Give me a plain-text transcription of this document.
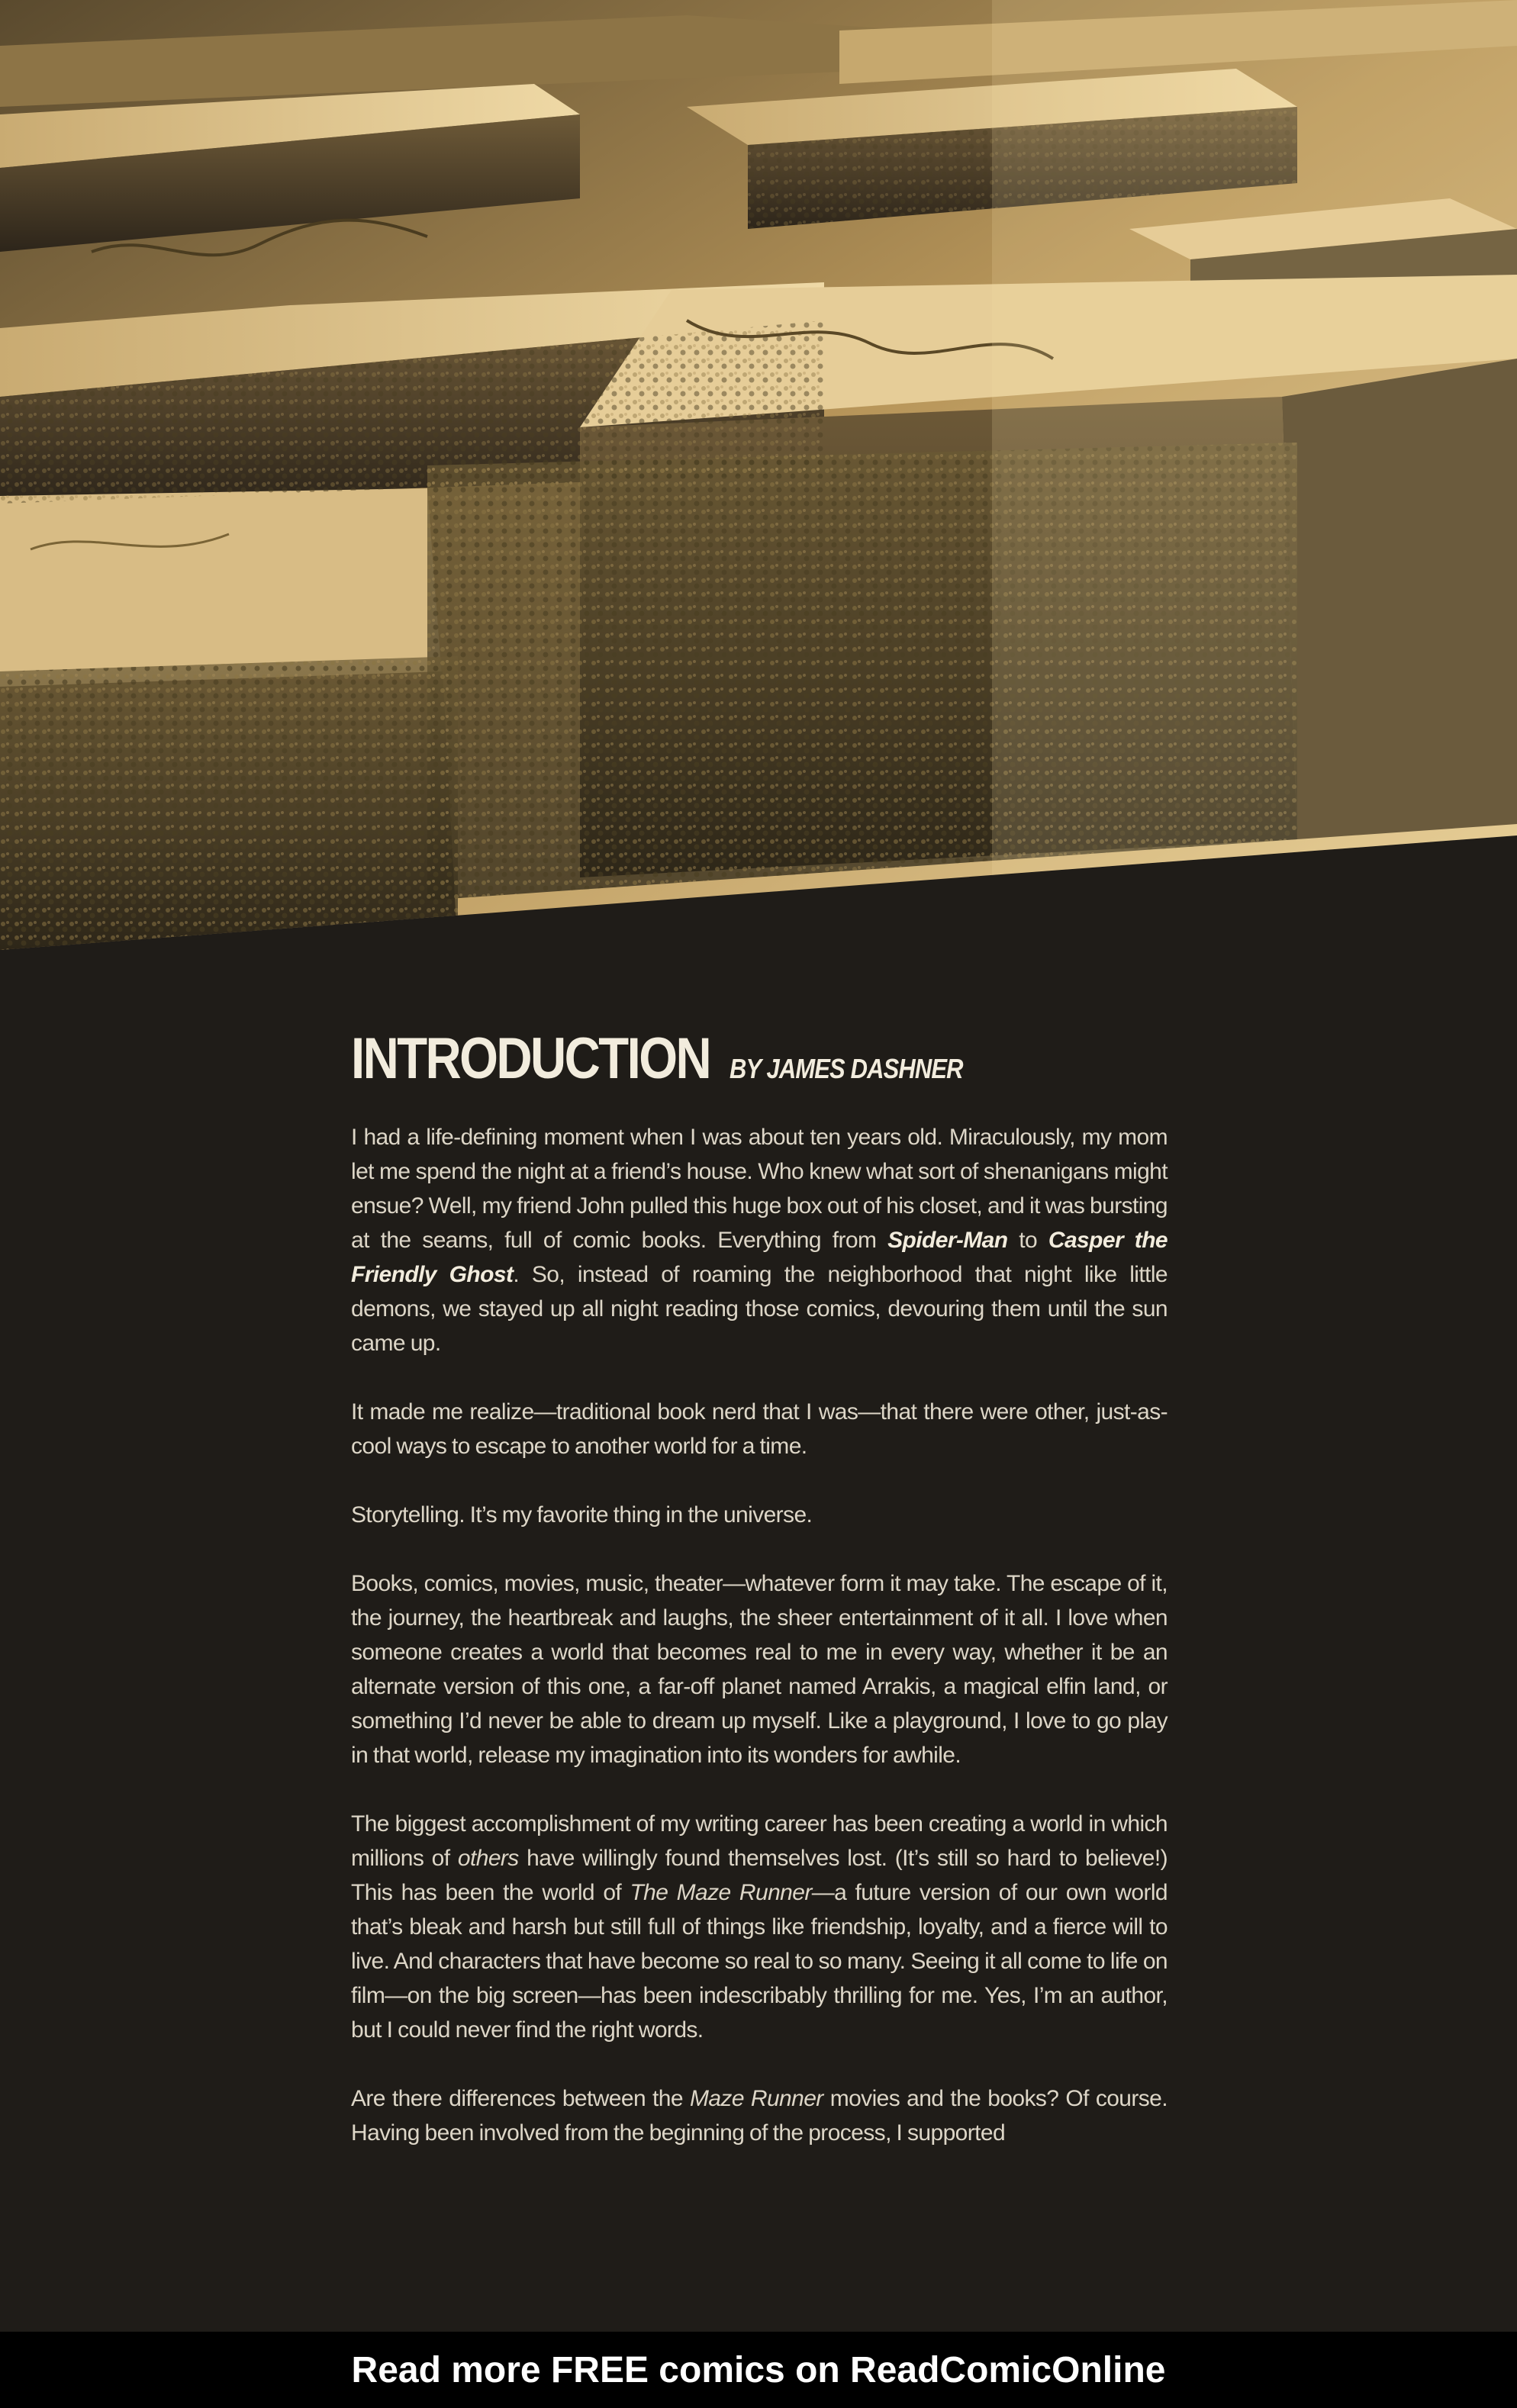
INTRODUCTION BY JAMES DASHNER

I had a life-defining moment when I was about ten years old. Miraculously, my mom let me spend the night at a friend’s house. Who knew what sort of shenanigans might ensue? Well, my friend John pulled this huge box out of his closet, and it was bursting at the seams, full of comic books. Everything from Spider-Man to Casper the Friendly Ghost. So, instead of roaming the neighborhood that night like little demons, we stayed up all night reading those comics, devouring them until the sun came up.

It made me realize—traditional book nerd that I was—that there were other, just-as-cool ways to escape to another world for a time.

Storytelling. It’s my favorite thing in the universe.

Books, comics, movies, music, theater—whatever form it may take. The escape of it, the journey, the heartbreak and laughs, the sheer entertainment of it all. I love when someone creates a world that becomes real to me in every way, whether it be an alternate version of this one, a far-off planet named Arrakis, a magical elfin land, or something I’d never be able to dream up myself. Like a playground, I love to go play in that world, release my imagination into its wonders for awhile.

The biggest accomplishment of my writing career has been creating a world in which millions of others have willingly found themselves lost. (It’s still so hard to believe!) This has been the world of The Maze Runner—a future version of our own world that’s bleak and harsh but still full of things like friendship, loyalty, and a fierce will to live. And characters that have become so real to so many. Seeing it all come to life on film—on the big screen—has been indescribably thrilling for me. Yes, I’m an author, but I could never find the right words.

Are there differences between the Maze Runner movies and the books? Of course. Having been involved from the beginning of the process, I supported

Read more FREE comics on ReadComicOnline
